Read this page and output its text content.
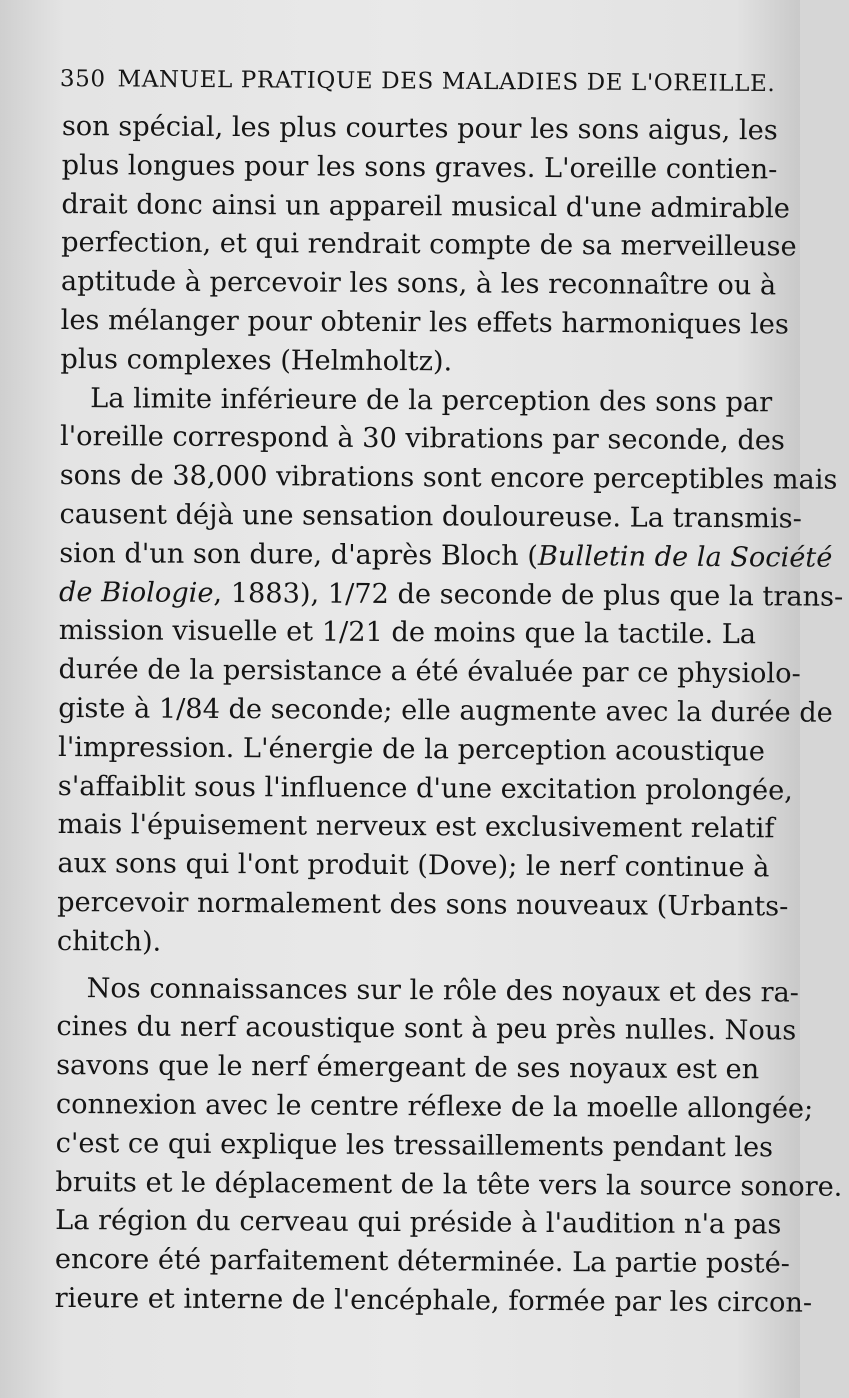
350 MANUEL PRATIQUE DES MALADIES DE L'OREILLE.
son spécial, les plus courtes pour les sons aigus, les
plus longues pour les sons graves. L'oreille contien-
drait donc ainsi un appareil musical d'une admirable
perfection, et qui rendrait compte de sa merveilleuse
aptitude à percevoir les sons, à les reconnaître ou à
les mélanger pour obtenir les effets harmoniques les
plus complexes (Helmholtz).
La limite inférieure de la perception des sons par
l'oreille correspond à 30 vibrations par seconde, des
sons de 38,000 vibrations sont encore perceptibles mais
causent déjà une sensation douloureuse. La transmis-
sion d'un son dure, d'après Bloch (Bulletin de la Société
de Biologie, 1883), 1/72 de seconde de plus que la trans-
mission visuelle et 1/21 de moins que la tactile. La
durée de la persistance a été évaluée par ce physiolo-
giste à 1/84 de seconde; elle augmente avec la durée de
l'impression. L'énergie de la perception acoustique
s'affaiblit sous l'influence d'une excitation prolongée,
mais l'épuisement nerveux est exclusivement relatif
aux sons qui l'ont produit (Dove); le nerf continue à
percevoir normalement des sons nouveaux (Urbants-
chitch).
Nos connaissances sur le rôle des noyaux et des ra-
cines du nerf acoustique sont à peu près nulles. Nous
savons que le nerf émergeant de ses noyaux est en
connexion avec le centre réflexe de la moelle allongée;
c'est ce qui explique les tressaillements pendant les
bruits et le déplacement de la tête vers la source sonore.
La région du cerveau qui préside à l'audition n'a pas
encore été parfaitement déterminée. La partie posté-
rieure et interne de l'encéphale, formée par les circon-
